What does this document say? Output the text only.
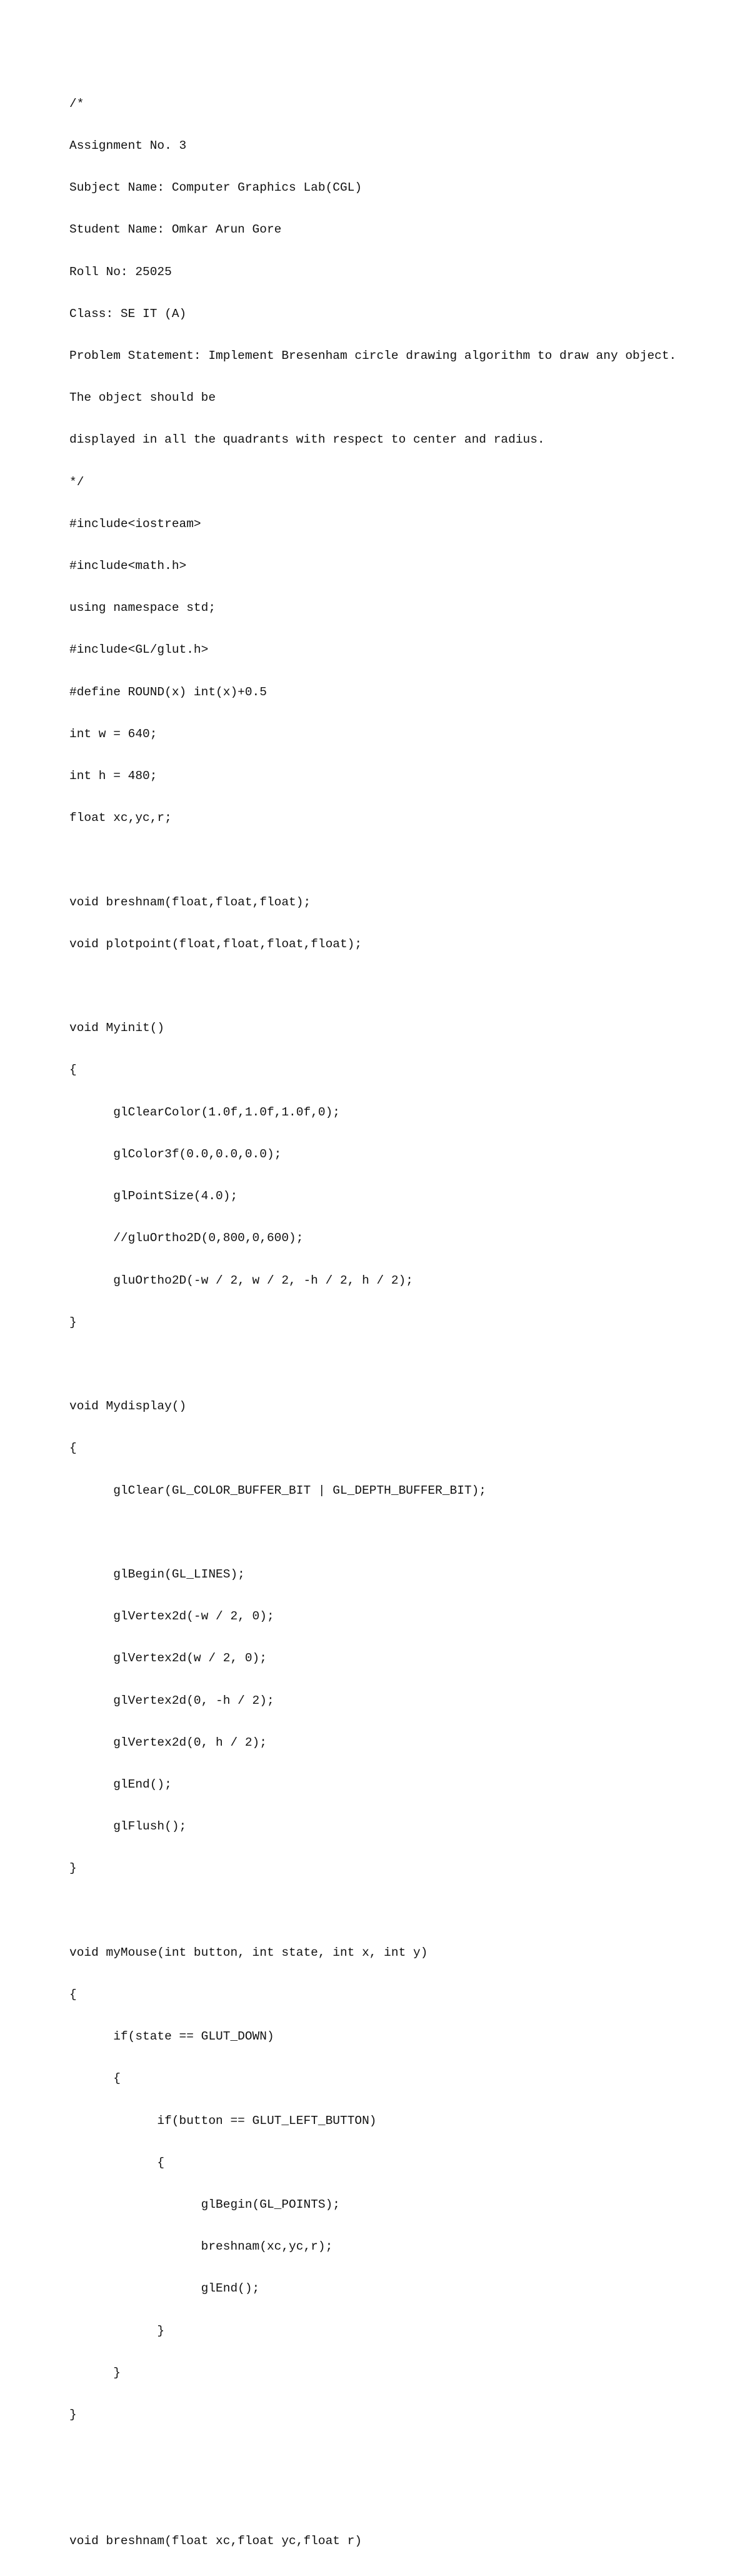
/*

Assignment No. 3

Subject Name: Computer Graphics Lab(CGL)

Student Name: Omkar Arun Gore

Roll No: 25025

Class: SE IT (A)

Problem Statement: Implement Bresenham circle drawing algorithm to draw any object.

The object should be

displayed in all the quadrants with respect to center and radius.

*/

#include<iostream>

#include<math.h>

using namespace std;

#include<GL/glut.h>

#define ROUND(x) int(x)+0.5

int w = 640;

int h = 480;

float xc,yc,r;

void breshnam(float,float,float);

void plotpoint(float,float,float,float);

void Myinit()

{

glClearColor(1.0f,1.0f,1.0f,0);

glColor3f(0.0,0.0,0.0);

glPointSize(4.0);

//gluOrtho2D(0,800,0,600);

gluOrtho2D(-w / 2, w / 2, -h / 2, h / 2);

}

void Mydisplay()

{

glClear(GL_COLOR_BUFFER_BIT | GL_DEPTH_BUFFER_BIT);

glBegin(GL_LINES);

glVertex2d(-w / 2, 0);

glVertex2d(w / 2, 0);

glVertex2d(0, -h / 2);

glVertex2d(0, h / 2);

glEnd();

glFlush();

}

void myMouse(int button, int state, int x, int y)

{

if(state == GLUT_DOWN)

{

if(button == GLUT_LEFT_BUTTON)

{

glBegin(GL_POINTS);

breshnam(xc,yc,r);

glEnd();

}

}

}

void breshnam(float xc,float yc,float r)
